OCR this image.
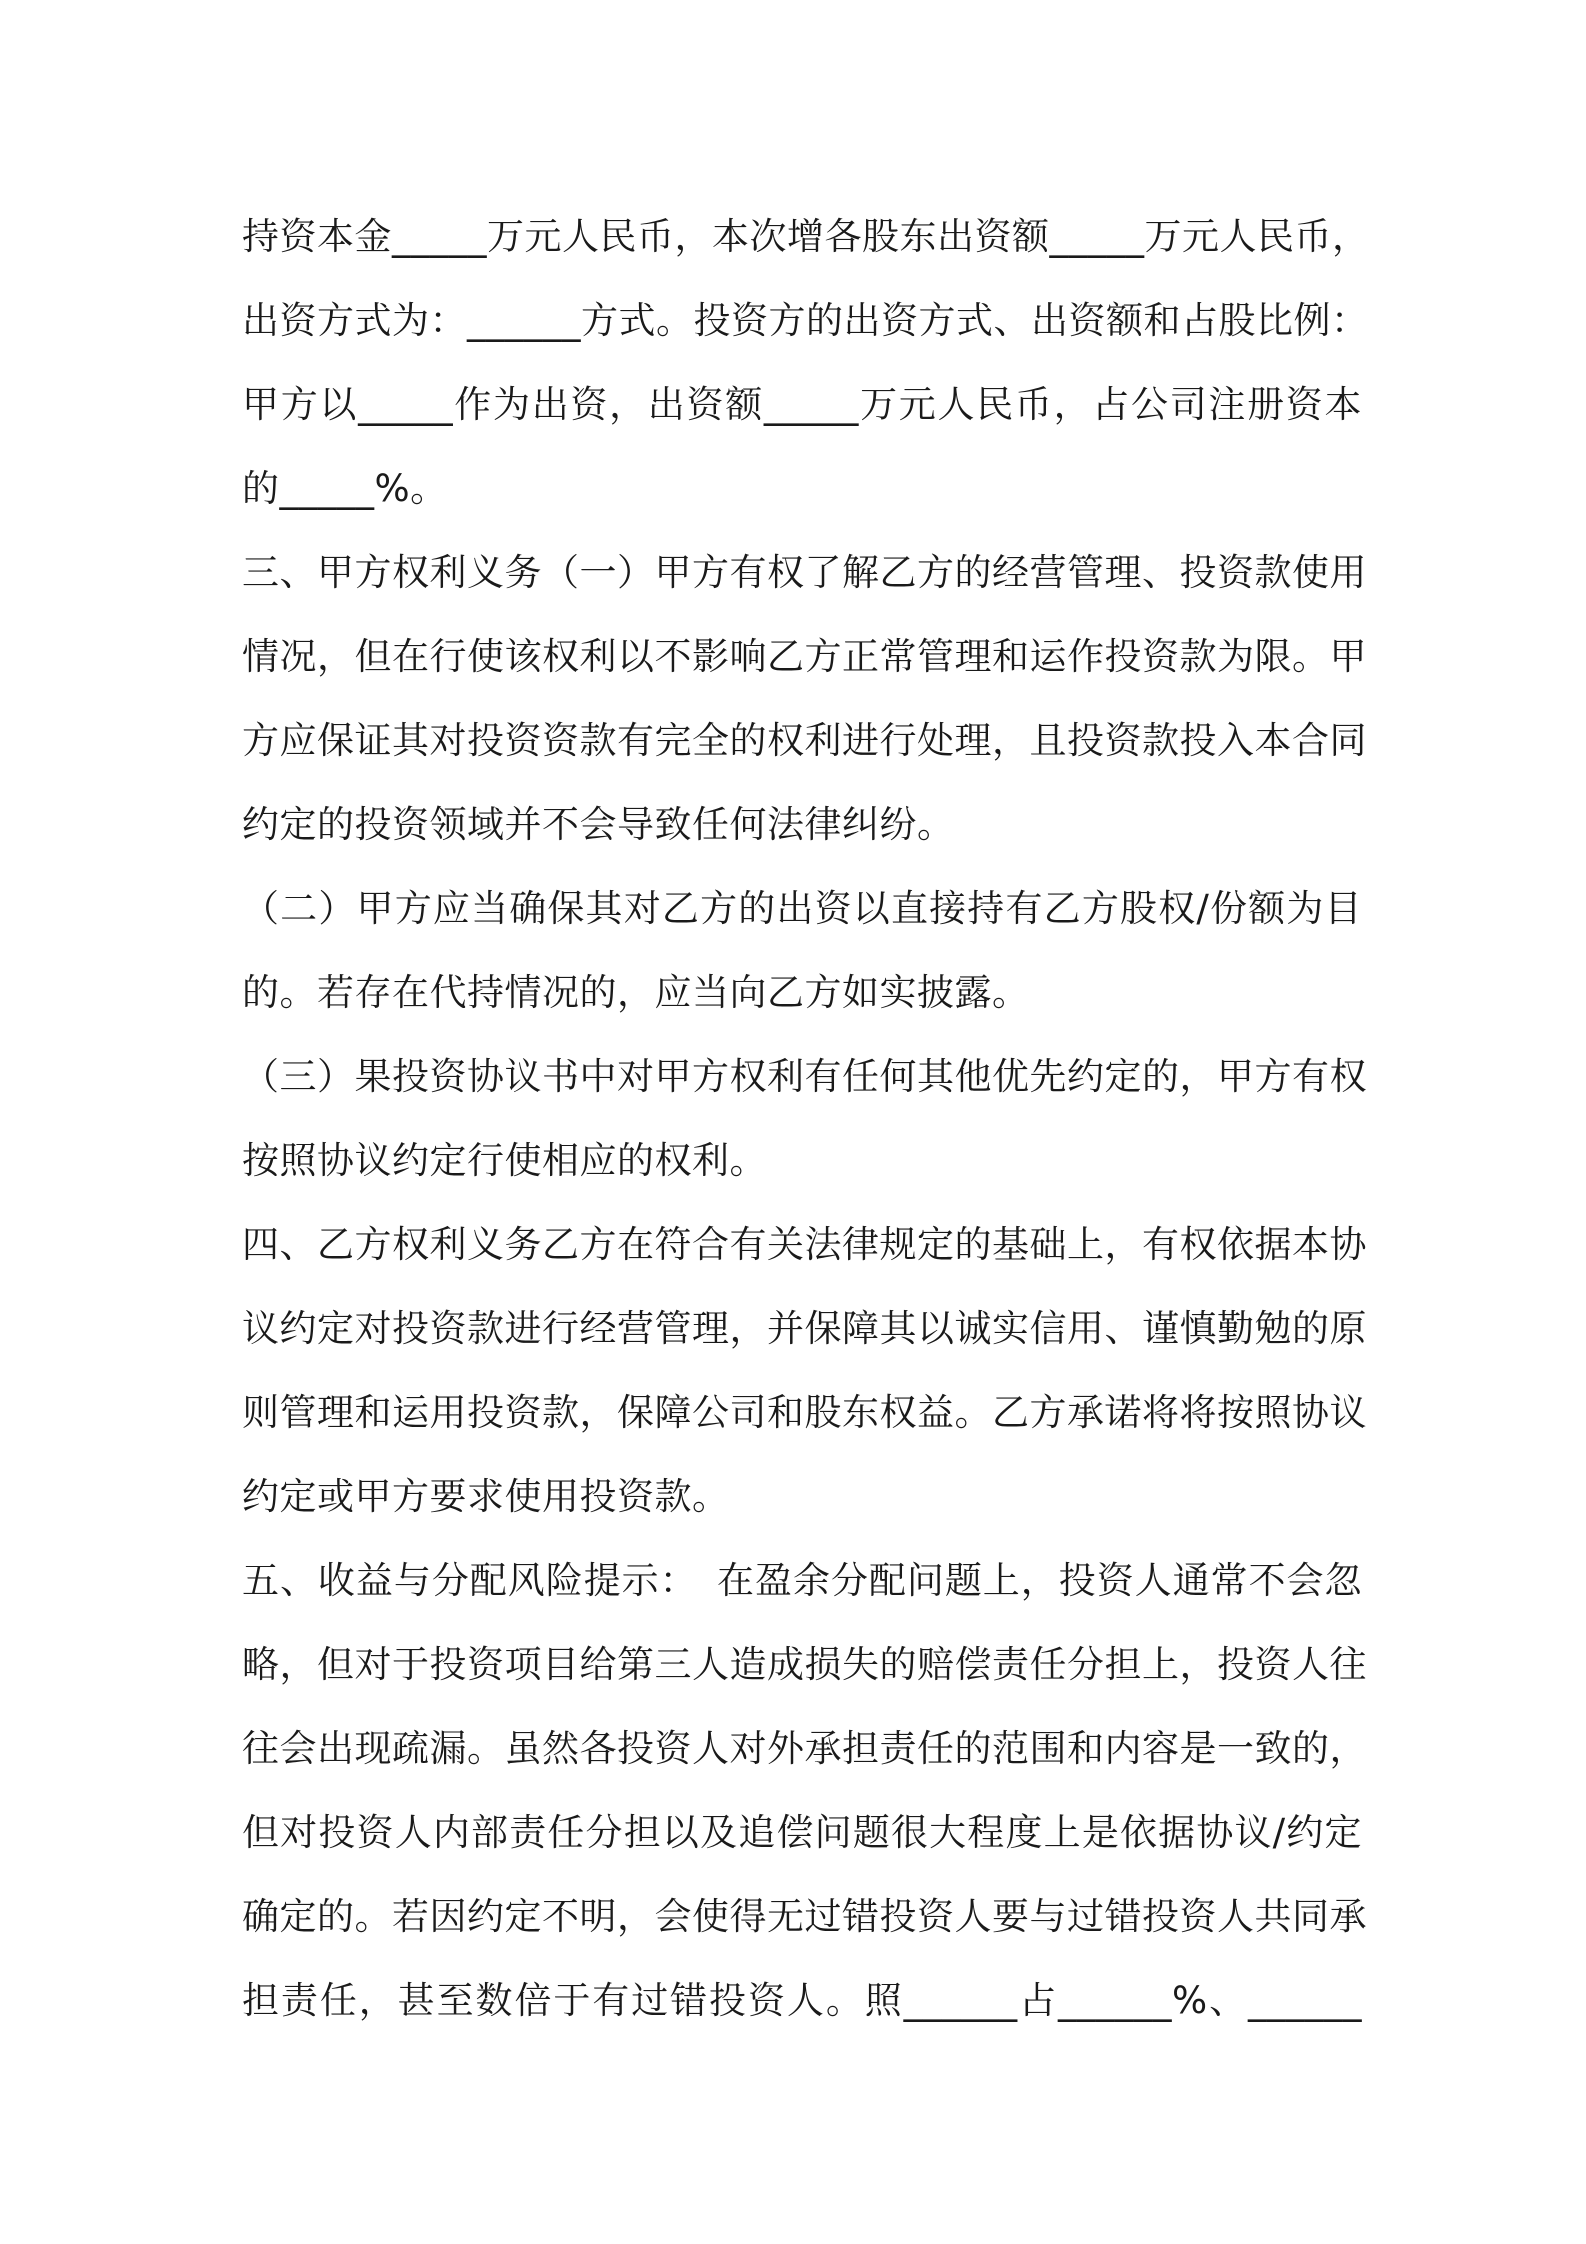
持资本金_____万元人民币，本次增各股东出资额_____万元人民币，
出资方式为：______方式。投资方的出资方式、出资额和占股比例：
甲方以_____作为出资，出资额_____万元人民币，占公司注册资本
的_____%。
三、甲方权利义务（一）甲方有权了解乙方的经营管理、投资款使用
情况，但在行使该权利以不影响乙方正常管理和运作投资款为限。甲
方应保证其对投资资款有完全的权利进行处理，且投资款投入本合同
约定的投资领域并不会导致任何法律纠纷。
（二）甲方应当确保其对乙方的出资以直接持有乙方股权/份额为目
的。若存在代持情况的，应当向乙方如实披露。
（三）果投资协议书中对甲方权利有任何其他优先约定的，甲方有权
按照协议约定行使相应的权利。
四、乙方权利义务乙方在符合有关法律规定的基础上，有权依据本协
议约定对投资款进行经营管理，并保障其以诚实信用、谨慎勤勉的原
则管理和运用投资款，保障公司和股东权益。乙方承诺将将按照协议
约定或甲方要求使用投资款。
五、收益与分配风险提示：　在盈余分配问题上，投资人通常不会忽
略，但对于投资项目给第三人造成损失的赔偿责任分担上，投资人往
往会出现疏漏。虽然各投资人对外承担责任的范围和内容是一致的，
但对投资人内部责任分担以及追偿问题很大程度上是依据协议/约定
确定的。若因约定不明，会使得无过错投资人要与过错投资人共同承
担责任，甚至数倍于有过错投资人。照______占______%、______
